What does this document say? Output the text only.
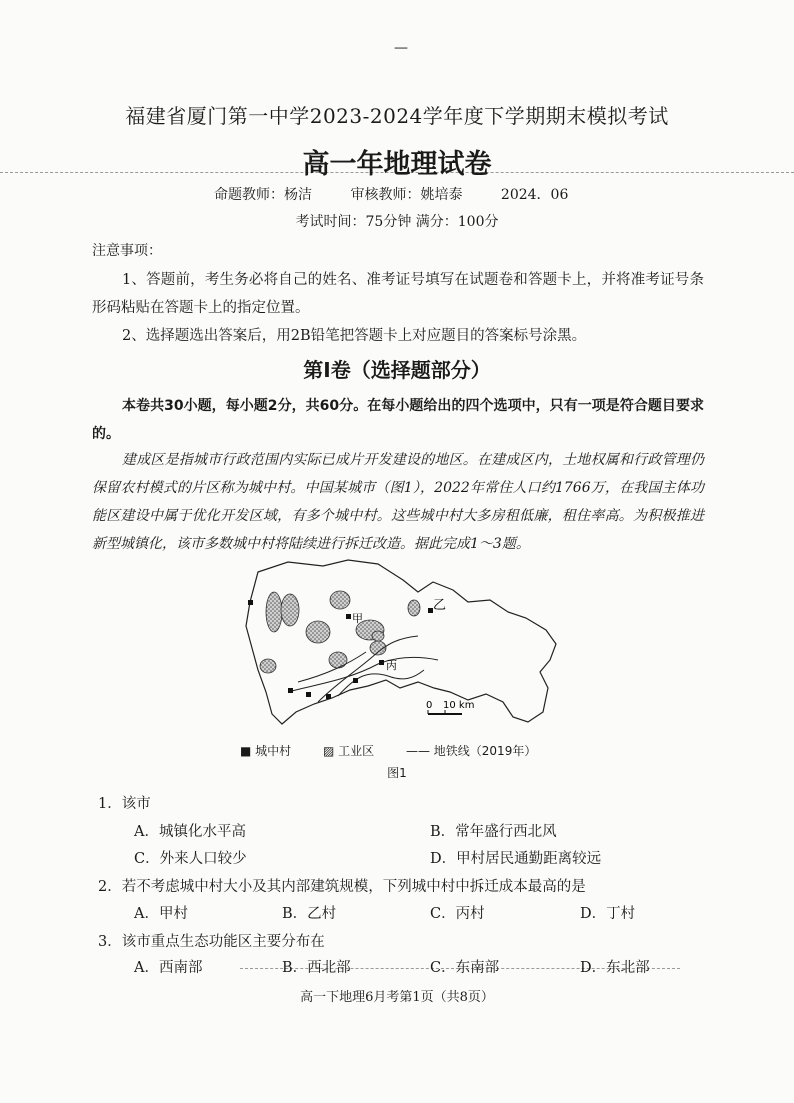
—
福建省厦门第一中学2023-2024学年度下学期期末模拟考试
高一年地理试卷
命题教师：杨洁	审核教师：姚培泰	2024．06
考试时间：75分钟 满分：100分
注意事项：
1、答题前，考生务必将自己的姓名、准考证号填写在试题卷和答题卡上，并将准考证号条形码粘贴在答题卡上的指定位置。
2、选择题选出答案后，用2B铅笔把答题卡上对应题目的答案标号涂黑。
第Ⅰ卷（选择题部分）
本卷共30小题，每小题2分，共60分。在每小题给出的四个选项中，只有一项是符合题目要求的。
建成区是指城市行政范围内实际已成片开发建设的地区。在建成区内，土地权属和行政管理仍保留农村模式的片区称为城中村。中国某城市（图1），2022年常住人口约1766万，在我国主体功能区建设中属于优化开发区域，有多个城中村。这些城中村大多房租低廉，租住率高。为积极推进新型城镇化，该市多数城中村将陆续进行拆迁改造。据此完成1～3题。
乙
甲
丙
0 10 km
■ 城中村	▨ 工业区	—— 地铁线（2019年）
图1
1．该市
A．城镇化水平高	B．常年盛行西北风
C．外来人口较少	D．甲村居民通勤距离较远
2．若不考虑城中村大小及其内部建筑规模，下列城中村中拆迁成本最高的是
A．甲村	B．乙村	C．丙村	D．丁村
3．该市重点生态功能区主要分布在
A．西南部	B．西北部	C．东南部	D．东北部
高一下地理6月考第1页（共8页）
